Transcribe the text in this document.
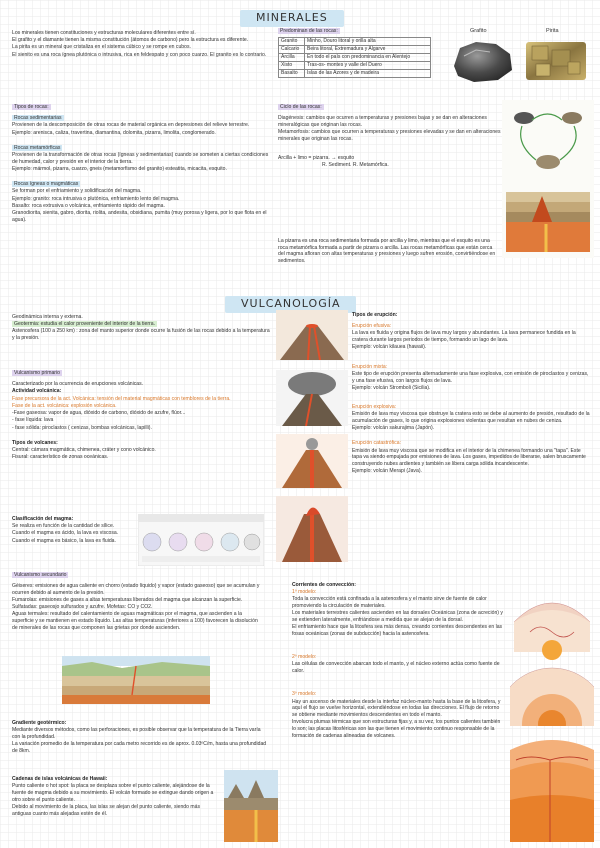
MINERALES

Los minerales tienen constituciones y estructuras moleculares diferentes entre sí.

El grafito y el diamante tienen la misma constitución (átomos de carbono) pero la estructura es diferente.

La pirita es un mineral que cristaliza en el sistema cúbico y se rompe en cubos.

El sienito es una roca ígnea plutónica o intrusiva, rica en feldespato y con poco cuarzo. El granito es lo contrario.

Tipos de rocas:

Rocas sedimentarias

Provienen de la descomposición de otras rocas de material orgánica en depresiones del relieve terrestre.

Ejemplo: arenisca, caliza, travertina, diamantina, dolomita, pizarra, limolita, conglomerado.

Rocas metamórficas

Provienen de la transformación de otras rocas (ígneas y sedimentarias) cuando se someten a ciertas condiciones de humedad, calor y presión en el interior de la tierra.

Ejemplo: mármol, pizarra, cuarzo, gneis (metamorfismo del granito) esteatita, micacita, esquito.

Rocas ígneas o magmáticas

Se forman por el enfriamiento y solidificación del magma.

Ejemplo: granito: roca intrusiva o plutónica, enfriamiento lento del magma.

Basalto: roca extrusiva o volcánica, enfriamiento rápido del magma.

Granodiorita, sienita, gabro, diorita, riolita, andesita, obsidiana, pumita (muy porosa y ligera, por lo que flota en el agua).

Predominan de las rocas:

Granito	Minho, Douro litoral y orilla alta
Calcario	Beira litoral, Extremadura y Algarve
Arcilla	En todo el país con predominancia en Alentejo
Xisto	Tras-os- montes y valle del Duero
Basalto	Islas de las Azores y de madeira
Grafito	Pirita

Ciclo de las rocas:

Diagénesis: cambios que ocurren a temperaturas y presiones bajas y se dan en alteraciones mineralógicas que originan las rocas.

Metamorfosis: cambios que ocurren a temperaturas y presiones elevadas y se dan en alteraciones minerales que originan las rocas.

Arcilla + limo = pizarra. → esquito

R. Sediment. R. Metamórfica.

La pizarra es una roca sedimentaria formada por arcilla y limo, mientras que el esquito es una roca metamórfica formada a partir de pizarra o arcilla. Las rocas metamórficas que están cerca del magma afloran con altas temperaturas y presiones y luego sufren erosión, convirtiéndose en sedimentos.
VULCANOLOGÍA

Geodinámica interna y externa.

Geotermia: estudia el calor proveniente del interior de la tierra.

Astenosfera (100 a 250 km) : zona del manto superior donde ocurre la fusión de las rocas debido a la temperatura y la presión.

Vulcanismo primario

Caracterizado por la ocurrencia de erupciones volcánicas.

Actividad volcánica:

Fase precursora de la act. Volcánica: tensión del material magmáticas con temblores de la tierra.

Fase de la act. volcánica: explosión volcánica.

-Fase gaseosa: vapor de agua, dióxido de carbono, dióxido de azufre, flúor...

- fase líquida: lava

- fase sólida: piroclastos ( cenizas, bombas volcánicas, lapilli).

Tipos de volcanes:

Central: cámara magmática, chimenea, cráter y cono volcánico.

Fisural: característico de zonas oceánicas.

Clasificación del magma:

Se realiza en función de la cantidad de sílice.

Cuando el magma es ácido, la lava es viscosa.

Cuando el magma es básico, la lava es fluida.

Vulcanismo secundario

Géiseres: emisiones de agua caliente en chorro (estado líquido) y vapor (estado gaseoso) que se acumulan y ocurren debido al aumento de la presión.

Fumarolas: emisiones de gases a altas temperaturas liberados del magma que alcanzan la superficie. Sulfatadas: gaseosjo sulfurados y azufre. Mofetas: CO y CO2.

Aguas termales: resultado del calentamiento de aguas magmáticas por el magma, que ascienden a la superficie y se mantienen en estado líquido. Las altas temperaturas (inferiores a 100) favorecen la disolución de minerales de las rocas que componen las grietas por donde ascienden.

Gradiente geotérmico:

Mediante diversos métodos, como las perforaciones, es posible observar que la temperatura de la Tierra varía con la profundidad.

La variación promedio de la temperatura por cada metro recorrido es de aprox. 0.03ºC/m, hasta una profundidad de 8km.

Cadenas de islas volcánicas de Hawaii:

Punto caliente o hot spot: la placa se desplaza sobre el punto caliente, alejándose de la fuente de magma debido a su movimiento. El volcán formado se extingue dando origen a otro sobre el punto caliente.

Debido al movimiento de la placa, las islas se alejan del punto caliente, siendo más antiguas cuanto más alejadas estén de él.

Tipos de erupción:

Erupción efusiva:

La lava es fluida y origina flujos de lava muy largos y abundantes. La lava permanece fundida en la cratera durante largos periodos de tiempo, formando un lago de lava.

Ejemplo: volcán kilauea (hawaii).

Erupción mixta:

Este tipo de erupción presenta alternadamente una fase explosiva, con emisión de piroclastos y cenizas, y una fase efusiva, con largos flujos de lava.

Ejemplo: volcán Stromboli (Sicilia).

Erupción explosiva:

Emisión de lava muy viscosa que obstruye la cratera esto se debe al aumento de presión, resultado de la acumulación de gases, lo que origina explosiones violentas que resultan en nubes de ceniza.

Ejemplo: volcán sakurajima (Japón).

Erupción catastrófica:

Emisión de lava muy viscosa que se modifica en el interior de la chimenea formando una "tapa". Este tapa va siendo empujada por emisiones de lava. Los gases, impedidos de liberarse, salen bruscamente construyendo nubes ardientes y también se libera carga sólida incandescente.

Ejemplo: volcán Merapi (Java).

Corrientes de convección:

1º modelo:

Toda la convección está confinada a la astenosfera y el manto sirve de fuente de calor promoviendo la circulación de materiales.

Los materiales terrestres calientes ascienden en las dorsales Oceánicas (zona de acreción) y se extienden lateralmente, enfriándose a medida que se alejan de la dorsal.

El enfriamiento hace que la litosfera sea más densa, creando corrientes descendentes en las fosas oceánicas (zonas de subducción) hacia la astenosfera.

2º modelo:

Las células de convección abarcan todo el manto, y el núcleo externo actúa como fuente de calor.

3º modelo:

Hay un ascenso de materiales desde la interfaz núcleo-manto hasta la base de la litosfera, y aquí el flujo se vuelve horizontal, extendiéndose en todas las direcciones. El flujo de retorno se obtiene mediante movimientos descendentes en todo el manto.

Involucra plumas térmicas que son estructuras fijas y, a su vez, los puntos calientes también lo son; las placas litosféricas son las que tienen el movimiento continuo responsable de la formación de cadenas alineadas de volcanes.
